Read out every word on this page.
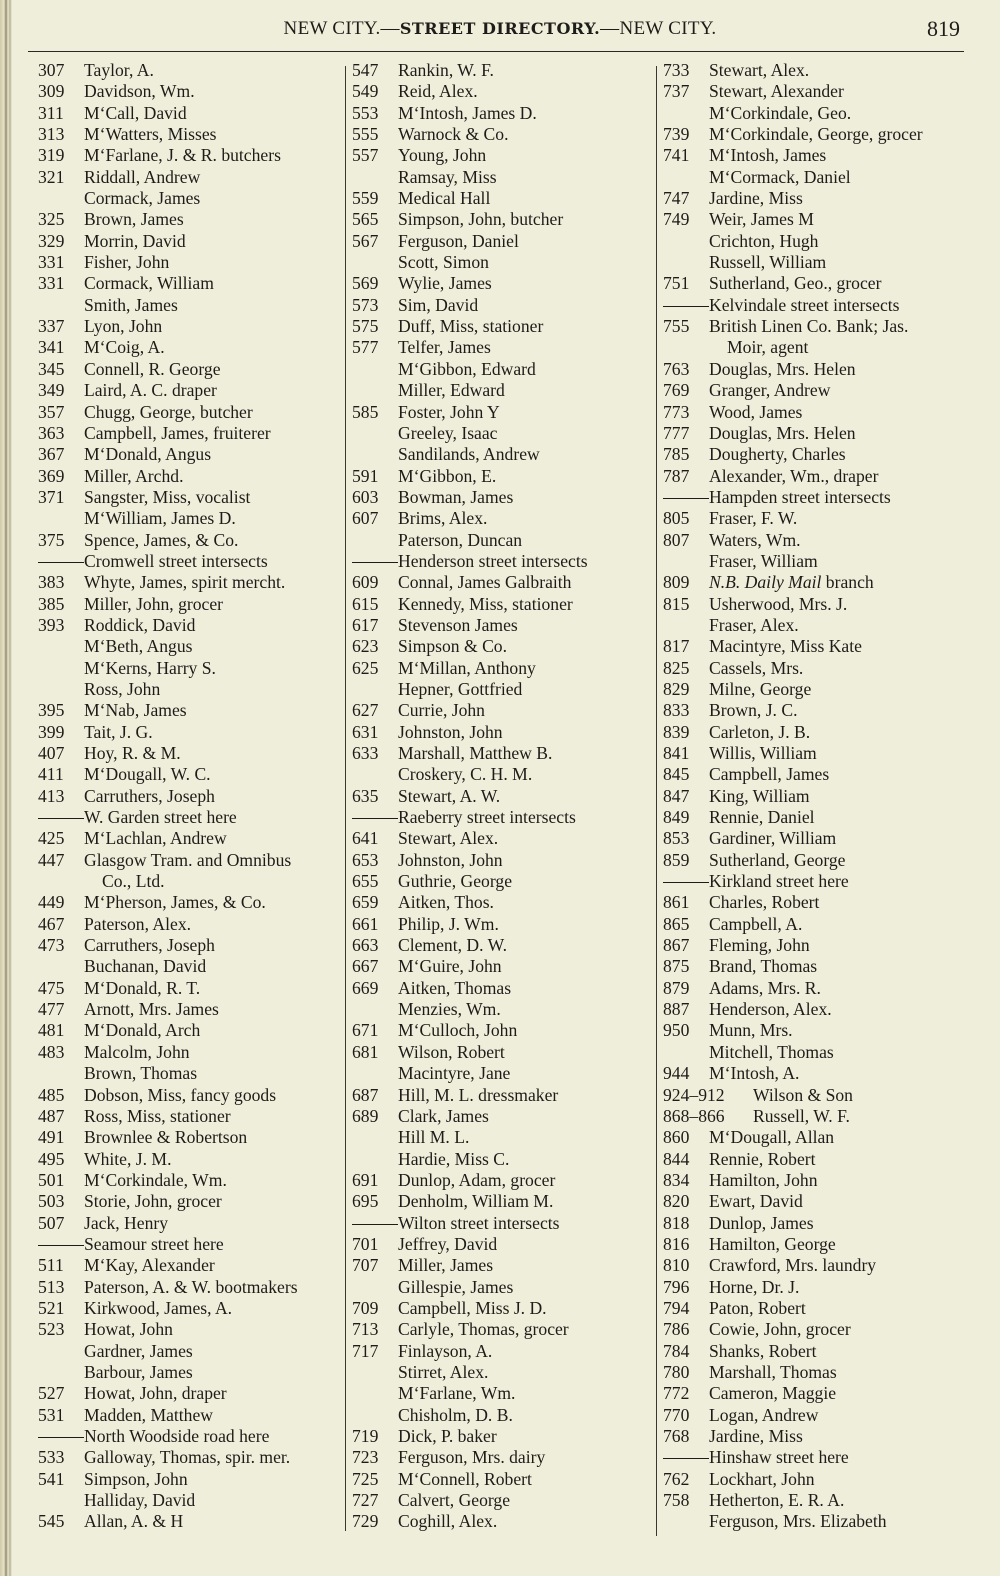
NEW CITY.—STREET DIRECTORY.—NEW CITY.	819
307	Taylor, A.
309	Davidson, Wm.
311	M‘Call, David
313	M‘Watters, Misses
319	M‘Farlane, J. & R. butchers
321	Riddall, Andrew
Cormack, James
325	Brown, James
329	Morrin, David
331	Fisher, John
331	Cormack, William
Smith, James
337	Lyon, John
341	M‘Coig, A.
345	Connell, R. George
349	Laird, A. C. draper
357	Chugg, George, butcher
363	Campbell, James, fruiterer
367	M‘Donald, Angus
369	Miller, Archd.
371	Sangster, Miss, vocalist
M‘William, James D.
375	Spence, James, & Co.
Cromwell street intersects
383	Whyte, James, spirit mercht.
385	Miller, John, grocer
393	Roddick, David
M‘Beth, Angus
M‘Kerns, Harry S.
Ross, John
395	M‘Nab, James
399	Tait, J. G.
407	Hoy, R. & M.
411	M‘Dougall, W. C.
413	Carruthers, Joseph
W. Garden street here
425	M‘Lachlan, Andrew
447	Glasgow Tram. and Omnibus
Co., Ltd.
449	M‘Pherson, James, & Co.
467	Paterson, Alex.
473	Carruthers, Joseph
Buchanan, David
475	M‘Donald, R. T.
477	Arnott, Mrs. James
481	M‘Donald, Arch
483	Malcolm, John
Brown, Thomas
485	Dobson, Miss, fancy goods
487	Ross, Miss, stationer
491	Brownlee & Robertson
495	White, J. M.
501	M‘Corkindale, Wm.
503	Storie, John, grocer
507	Jack, Henry
Seamour street here
511	M‘Kay, Alexander
513	Paterson, A. & W. bootmakers
521	Kirkwood, James, A.
523	Howat, John
Gardner, James
Barbour, James
527	Howat, John, draper
531	Madden, Matthew
North Woodside road here
533	Galloway, Thomas, spir. mer.
541	Simpson, John
Halliday, David
545	Allan, A. & H
547	Rankin, W. F.
549	Reid, Alex.
553	M‘Intosh, James D.
555	Warnock & Co.
557	Young, John
Ramsay, Miss
559	Medical Hall
565	Simpson, John, butcher
567	Ferguson, Daniel
Scott, Simon
569	Wylie, James
573	Sim, David
575	Duff, Miss, stationer
577	Telfer, James
M‘Gibbon, Edward
Miller, Edward
585	Foster, John Y
Greeley, Isaac
Sandilands, Andrew
591	M‘Gibbon, E.
603	Bowman, James
607	Brims, Alex.
Paterson, Duncan
Henderson street intersects
609	Connal, James Galbraith
615	Kennedy, Miss, stationer
617	Stevenson James
623	Simpson & Co.
625	M‘Millan, Anthony
Hepner, Gottfried
627	Currie, John
631	Johnston, John
633	Marshall, Matthew B.
Croskery, C. H. M.
635	Stewart, A. W.
Raeberry street intersects
641	Stewart, Alex.
653	Johnston, John
655	Guthrie, George
659	Aitken, Thos.
661	Philip, J. Wm.
663	Clement, D. W.
667	M‘Guire, John
669	Aitken, Thomas
Menzies, Wm.
671	M‘Culloch, John
681	Wilson, Robert
Macintyre, Jane
687	Hill, M. L. dressmaker
689	Clark, James
Hill M. L.
Hardie, Miss C.
691	Dunlop, Adam, grocer
695	Denholm, William M.
Wilton street intersects
701	Jeffrey, David
707	Miller, James
Gillespie, James
709	Campbell, Miss J. D.
713	Carlyle, Thomas, grocer
717	Finlayson, A.
Stirret, Alex.
M‘Farlane, Wm.
Chisholm, D. B.
719	Dick, P. baker
723	Ferguson, Mrs. dairy
725	M‘Connell, Robert
727	Calvert, George
729	Coghill, Alex.
733	Stewart, Alex.
737	Stewart, Alexander
M‘Corkindale, Geo.
739	M‘Corkindale, George, grocer
741	M‘Intosh, James
M‘Cormack, Daniel
747	Jardine, Miss
749	Weir, James M
Crichton, Hugh
Russell, William
751	Sutherland, Geo., grocer
Kelvindale street intersects
755	British Linen Co. Bank; Jas.
Moir, agent
763	Douglas, Mrs. Helen
769	Granger, Andrew
773	Wood, James
777	Douglas, Mrs. Helen
785	Dougherty, Charles
787	Alexander, Wm., draper
Hampden street intersects
805	Fraser, F. W.
807	Waters, Wm.
Fraser, William
809	N.B. Daily Mail branch
815	Usherwood, Mrs. J.
Fraser, Alex.
817	Macintyre, Miss Kate
825	Cassels, Mrs.
829	Milne, George
833	Brown, J. C.
839	Carleton, J. B.
841	Willis, William
845	Campbell, James
847	King, William
849	Rennie, Daniel
853	Gardiner, William
859	Sutherland, George
Kirkland street here
861	Charles, Robert
865	Campbell, A.
867	Fleming, John
875	Brand, Thomas
879	Adams, Mrs. R.
887	Henderson, Alex.
950	Munn, Mrs.
Mitchell, Thomas
944	M‘Intosh, A.
924–912	Wilson & Son
868–866	Russell, W. F.
860	M‘Dougall, Allan
844	Rennie, Robert
834	Hamilton, John
820	Ewart, David
818	Dunlop, James
816	Hamilton, George
810	Crawford, Mrs. laundry
796	Horne, Dr. J.
794	Paton, Robert
786	Cowie, John, grocer
784	Shanks, Robert
780	Marshall, Thomas
772	Cameron, Maggie
770	Logan, Andrew
768	Jardine, Miss
Hinshaw street here
762	Lockhart, John
758	Hetherton, E. R. A.
Ferguson, Mrs. Elizabeth
